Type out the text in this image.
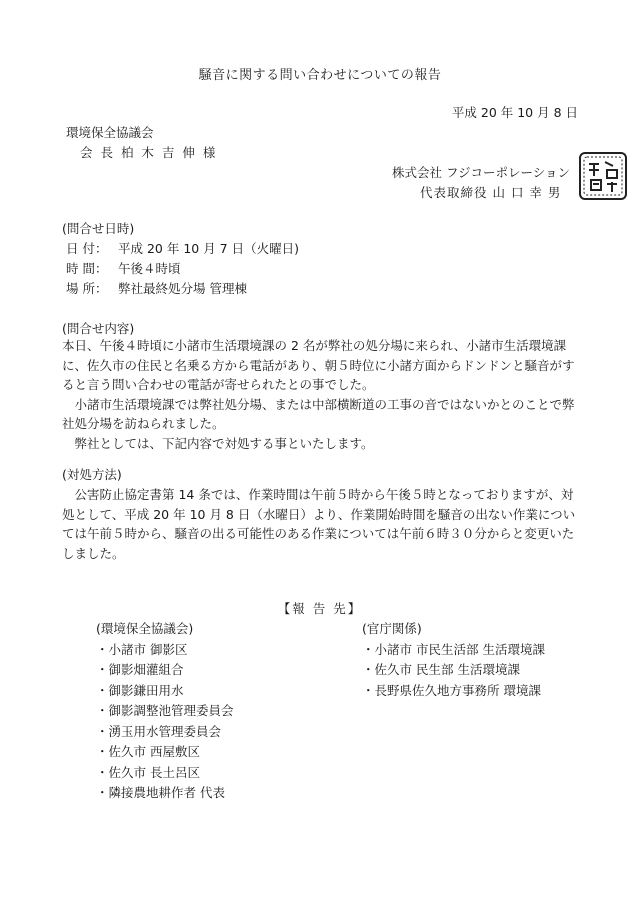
騒音に関する問い合わせについての報告
平成 20 年 10 月 8 日
環境保全協議会
会 長 柏 木 吉 伸 様
株式会社 フジコーポレーション
代表取締役 山 口 幸 男
(問合せ日時)
日 付： 平成 20 年 10 月 7 日（火曜日)
時 間： 午後４時頃
場 所： 弊社最終処分場 管理棟
(問合せ内容)

本日、午後４時頃に小諸市生活環境課の 2 名が弊社の処分場に来られ、小諸市生活環境課に、佐久市の住民と名乗る方から電話があり、朝５時位に小諸方面からドンドンと騒音がすると言う問い合わせの電話が寄せられたとの事でした。

小諸市生活環境課では弊社処分場、または中部横断道の工事の音ではないかとのことで弊社処分場を訪ねられました。

弊社としては、下記内容で対処する事といたします。

(対処方法)

公害防止協定書第 14 条では、作業時間は午前５時から午後５時となっておりますが、対処として、平成 20 年 10 月 8 日（水曜日）より、作業開始時間を騒音の出ない作業については午前５時から、騒音の出る可能性のある作業については午前６時３０分からと変更いたしました。

【報 告 先】
(環境保全協議会)
・小諸市 御影区
・御影畑灌組合
・御影鎌田用水
・御影調整池管理委員会
・湧玉用水管理委員会
・佐久市 西屋敷区
・佐久市 長土呂区
・隣接農地耕作者 代表
(官庁関係)
・小諸市 市民生活部 生活環境課
・佐久市 民生部 生活環境課
・長野県佐久地方事務所 環境課
